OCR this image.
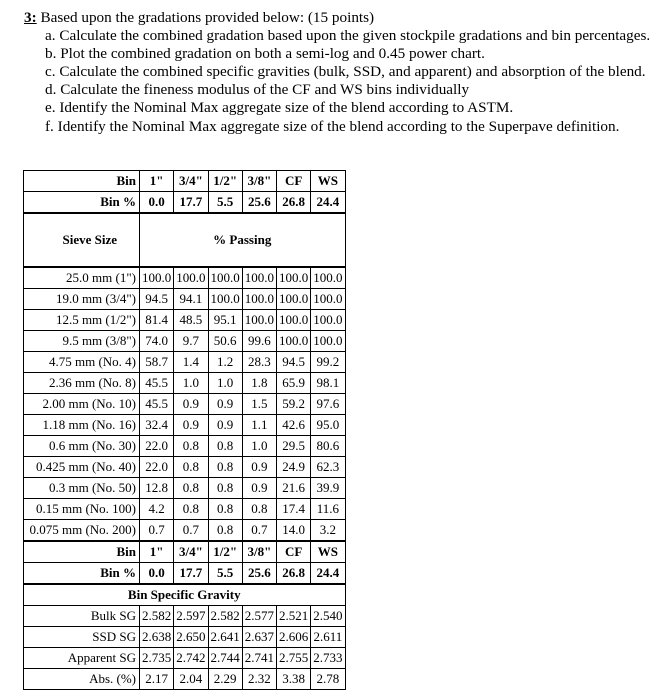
3: Based upon the gradations provided below: (15 points)
a. Calculate the combined gradation based upon the given stockpile gradations and bin percentages.
b. Plot the combined gradation on both a semi-log and 0.45 power chart.
c. Calculate the combined specific gravities (bulk, SSD, and apparent) and absorption of the blend.
d. Calculate the fineness modulus of the CF and WS bins individually
e. Identify the Nominal Max aggregate size of the blend according to ASTM.
f. Identify the Nominal Max aggregate size of the blend according to the Superpave definition.
Bin	1"	3/4"	1/2"	3/8"	CF	WS
Bin %	0.0	17.7	5.5	25.6	26.8	24.4
Sieve Size	% Passing					
25.0 mm (1")	100.0	100.0	100.0	100.0	100.0	100.0
19.0 mm (3/4")	94.5	94.1	100.0	100.0	100.0	100.0
12.5 mm (1/2")	81.4	48.5	95.1	100.0	100.0	100.0
9.5 mm (3/8")	74.0	9.7	50.6	99.6	100.0	100.0
4.75 mm (No. 4)	58.7	1.4	1.2	28.3	94.5	99.2
2.36 mm (No. 8)	45.5	1.0	1.0	1.8	65.9	98.1
2.00 mm (No. 10)	45.5	0.9	0.9	1.5	59.2	97.6
1.18 mm (No. 16)	32.4	0.9	0.9	1.1	42.6	95.0
0.6 mm (No. 30)	22.0	0.8	0.8	1.0	29.5	80.6
0.425 mm (No. 40)	22.0	0.8	0.8	0.9	24.9	62.3
0.3 mm (No. 50)	12.8	0.8	0.8	0.9	21.6	39.9
0.15 mm (No. 100)	4.2	0.8	0.8	0.8	17.4	11.6
0.075 mm (No. 200)	0.7	0.7	0.8	0.7	14.0	3.2
Bin	1"	3/4"	1/2"	3/8"	CF	WS
Bin %	0.0	17.7	5.5	25.6	26.8	24.4
Bin Specific Gravity						
Bulk SG	2.582	2.597	2.582	2.577	2.521	2.540
SSD SG	2.638	2.650	2.641	2.637	2.606	2.611
Apparent SG	2.735	2.742	2.744	2.741	2.755	2.733
Abs. (%)	2.17	2.04	2.29	2.32	3.38	2.78
